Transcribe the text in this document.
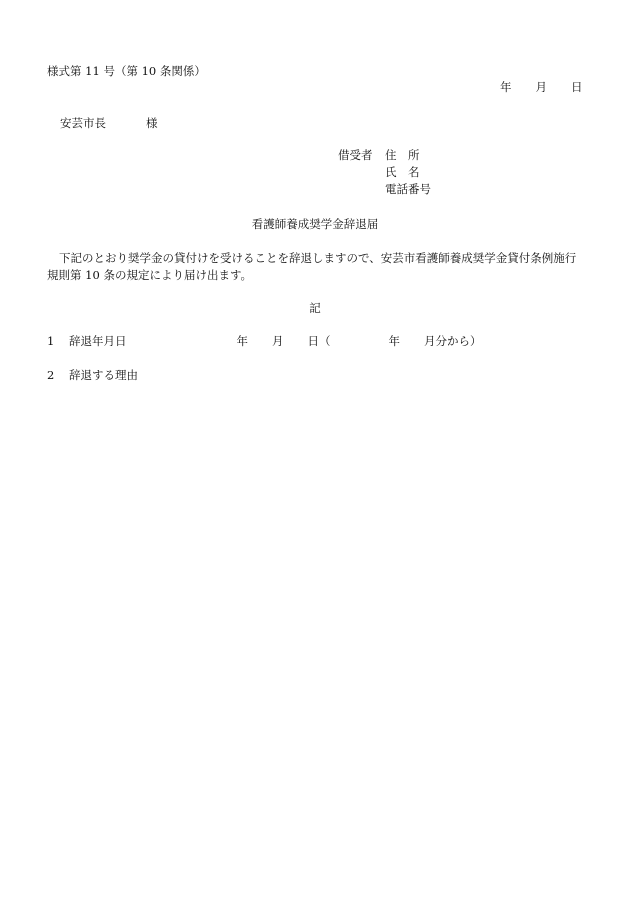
様式第 11 号（第 10 条関係）
年 月 日
安芸市長	様
借受者 住　所
氏　名
電話番号
看護師養成奨学金辞退届
下記のとおり奨学金の貸付けを受けることを辞退しますので、安芸市看護師養成奨学金貸付条例施行規則第 10 条の規定により届け出ます。
記
1 辞退年月日	年 月 日（	年 月分から）
2 辞退する理由
